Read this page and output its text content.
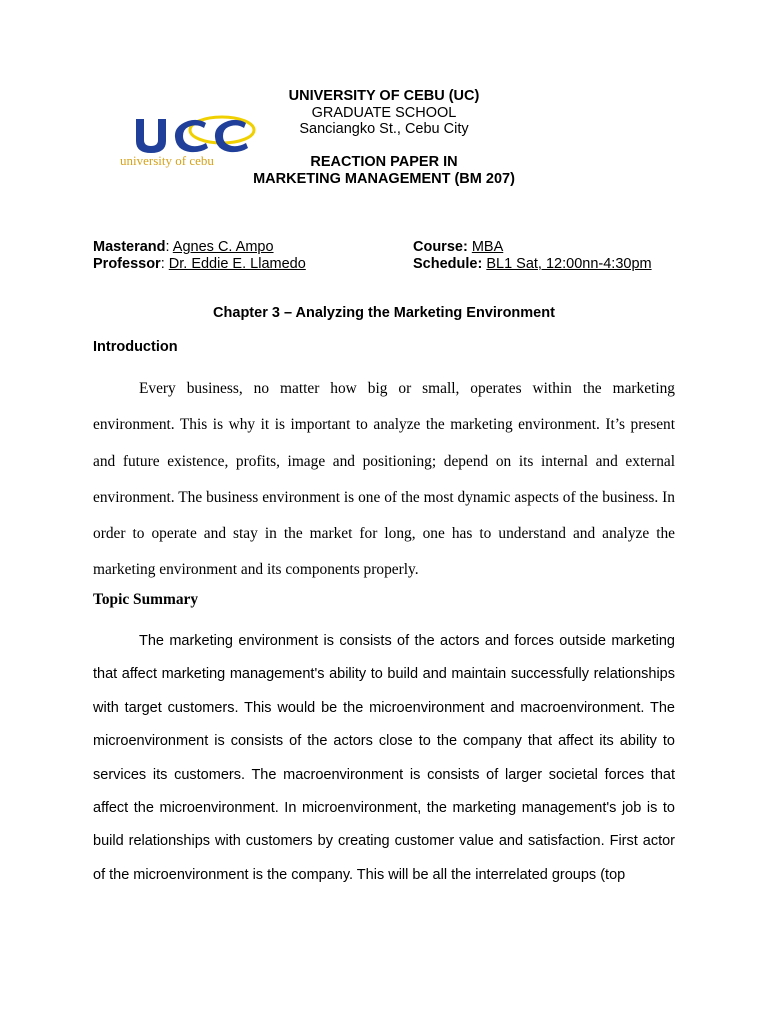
university of cebu
UNIVERSITY OF CEBU (UC)
GRADUATE SCHOOL
Sanciangko St., Cebu City
REACTION PAPER IN
MARKETING MANAGEMENT (BM 207)
Masterand: Agnes C. Ampo
Professor: Dr. Eddie E. Llamedo
Course: MBA
Schedule: BL1 Sat, 12:00nn-4:30pm
Chapter 3 – Analyzing the Marketing Environment
Introduction
Every business, no matter how big or small, operates within the marketing environment. This is why it is important to analyze the marketing environment. It’s present and future existence, profits, image and positioning; depend on its internal and external environment. The business environment is one of the most dynamic aspects of the business. In order to operate and stay in the market for long, one has to understand and analyze the marketing environment and its components properly.
Topic Summary
The marketing environment is consists of the actors and forces outside marketing that affect marketing management's ability to build and maintain successfully relationships with target customers. This would be the microenvironment and macroenvironment. The microenvironment is consists of the actors close to the company that affect its ability to services its customers. The macroenvironment is consists of larger societal forces that affect the microenvironment. In microenvironment, the marketing management's job is to build relationships with customers by creating customer value and satisfaction. First actor of the microenvironment is the company. This will be all the interrelated groups (top
